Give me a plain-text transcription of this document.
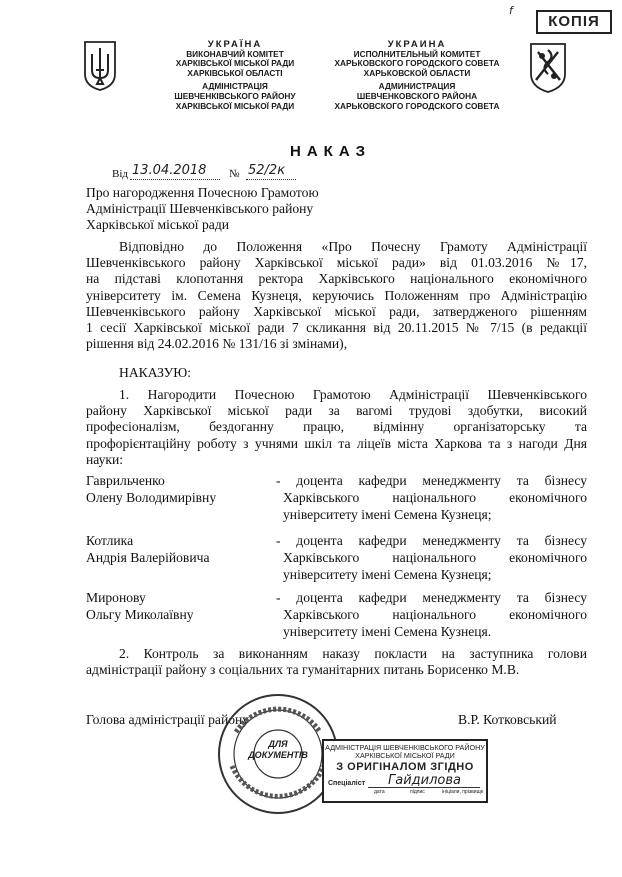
f
КОПІЯ
УКРАЇНА
ВИКОНАВЧИЙ КОМІТЕТ
ХАРКІВСЬКОЇ МІСЬКОЇ РАДИ
ХАРКІВСЬКОЇ ОБЛАСТІ
АДМІНІСТРАЦІЯ
ШЕВЧЕНКІВСЬКОГО РАЙОНУ
ХАРКІВСЬКОЇ МІСЬКОЇ РАДИ
УКРАИНА
ИСПОЛНИТЕЛЬНЫЙ КОМИТЕТ
ХАРЬКОВСКОГО ГОРОДСКОГО СОВЕТА
ХАРЬКОВСКОЙ ОБЛАСТИ
АДМИНИСТРАЦИЯ
ШЕВЧЕНКОВСКОГО РАЙОНА
ХАРЬКОВСКОГО ГОРОДСКОГО СОВЕТА
НАКАЗ
Від 13.04.2018 № 52/2к
Про нагородження Почесною Грамотою
Адміністрації Шевченківського району
Харківської міської ради
Відповідно до Положення «Про Почесну Грамоту Адміністрації
Шевченківського району Харківської міської ради» від 01.03.2016 №17,
на підставі клопотання ректора Харківського національного економічного
університету ім. Семена Кузнеця, керуючись Положенням про Адміністрацію
Шевченківського району Харківської міської ради, затвердженого рішенням
1 сесії Харківської міської ради 7 скликання від 20.11.2015 № 7/15 (в редакції
рішення від 24.02.2016 № 131/16 зі змінами),
НАКАЗУЮ:
1. Нагородити Почесною Грамотою Адміністрації Шевченківського
району Харківської міської ради за вагомі трудові здобутки, високий
професіоналізм, бездоганну працю, відмінну організаторську та
профорієнтаційну роботу з учнями шкіл та ліцеїв міста Харкова та з нагоди Дня
науки:
Гаврильченко
Олену Володимирівну
- доцента кафедри менеджменту та бізнесу
Харківського національного економічного
університету імені Семена Кузнеця;
Котлика
Андрія Валерійовича
- доцента кафедри менеджменту та бізнесу
Харківського національного економічного
університету імені Семена Кузнеця;
Миронову
Ольгу Миколаївну
- доцента кафедри менеджменту та бізнесу
Харківського національного економічного
університету імені Семена Кузнеця.
2. Контроль за виконанням наказу покласти на заступника голови
адміністрації району з соціальних та гуманітарних питань Борисенко М.В.
Голова адміністрації району	В.Р. Котковський
ДЛЯ
ДОКУМЕНТІВ
АДМІНІСТРАЦІЯ ШЕВЧЕНКІВСЬКОГО РАЙОНУ
ХАРКІВСЬКОЇ МІСЬКОЇ РАДИ
З ОРИГІНАЛОМ ЗГІДНО
Спеціаліст Гайдилова
дата	підпис	ініціали, прізвище
